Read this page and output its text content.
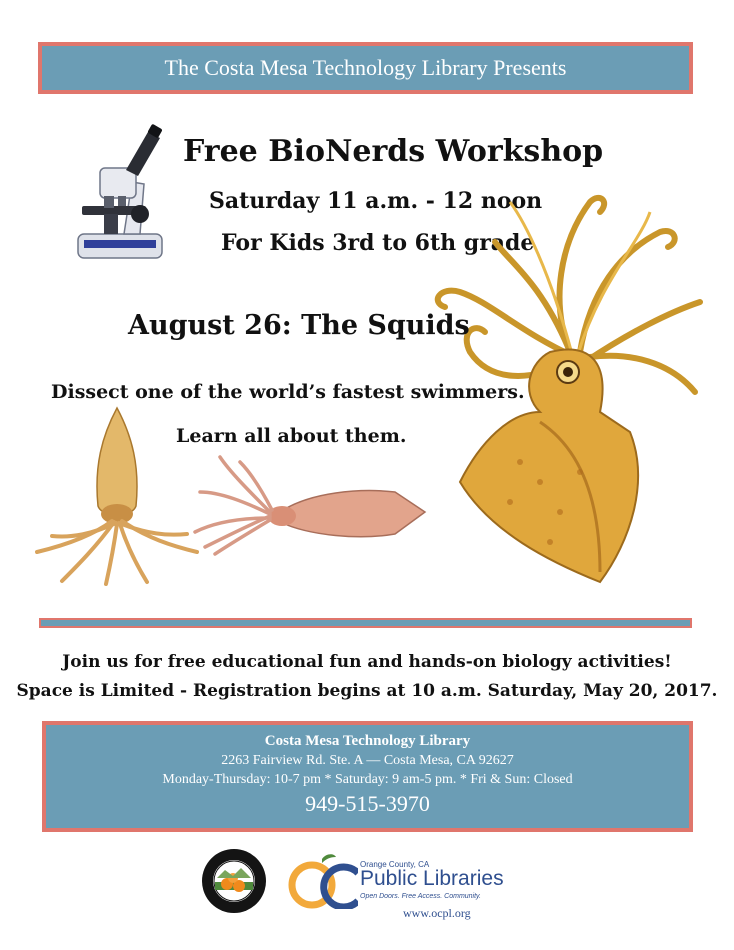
The Costa Mesa Technology Library Presents
Free BioNerds Workshop
Saturday 11 a.m. - 12 noon
For Kids 3rd to 6th grade
August 26: The Squids
Dissect one of the world’s fastest swimmers.
Learn all about them.
Join us for free educational fun and hands-on biology activities!
Space is Limited - Registration begins at 10 a.m. Saturday, May 20, 2017.
Costa Mesa Technology Library
2263 Fairview Rd. Ste. A — Costa Mesa, CA 92627
Monday-Thursday: 10-7 pm * Saturday: 9 am-5 pm. * Fri & Sun: Closed
949-515-3970
Orange County, CA
Public Libraries
Open Doors. Free Access. Community.
www.ocpl.org
